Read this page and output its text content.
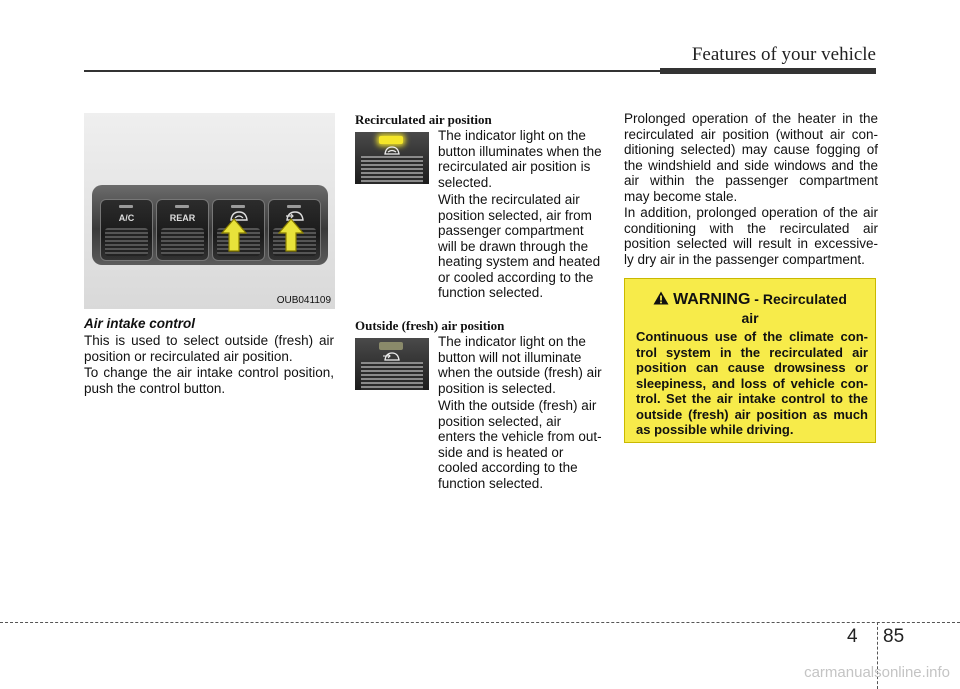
Features of your vehicle
A/C	REAR
OUB041109
Air intake control
This is used to select outside (fresh) air position or recirculated air position.
To change the air intake control position, push the control button.
Recirculated air position
The indicator light on the
button illuminates when the
recirculated air position is
selected.
With the recirculated air
position selected, air from
passenger compartment
will be drawn through the
heating system and heated
or cooled according to the
function selected.
Outside (fresh) air position
The indicator light on the
button will not illuminate
when the outside (fresh) air
position is selected.
With the outside (fresh) air
position selected, air
enters the vehicle from out-
side and is heated or
cooled according to the
function selected.
Prolonged operation of the heater in the recirculated air position (without air con- ditioning selected) may cause fogging of the windshield and side windows and the air within the passenger compartment may become stale.
In addition, prolonged operation of the air conditioning with the recirculated air position selected will result in excessive- ly dry air in the passenger compartment.
WARNING - Recirculated
air
Continuous use of the climate con- trol system in the recirculated air position can cause drowsiness or sleepiness, and loss of vehicle con- trol. Set the air intake control to the outside (fresh) air position as much as possible while driving.
4 85
carmanualsonline.info
